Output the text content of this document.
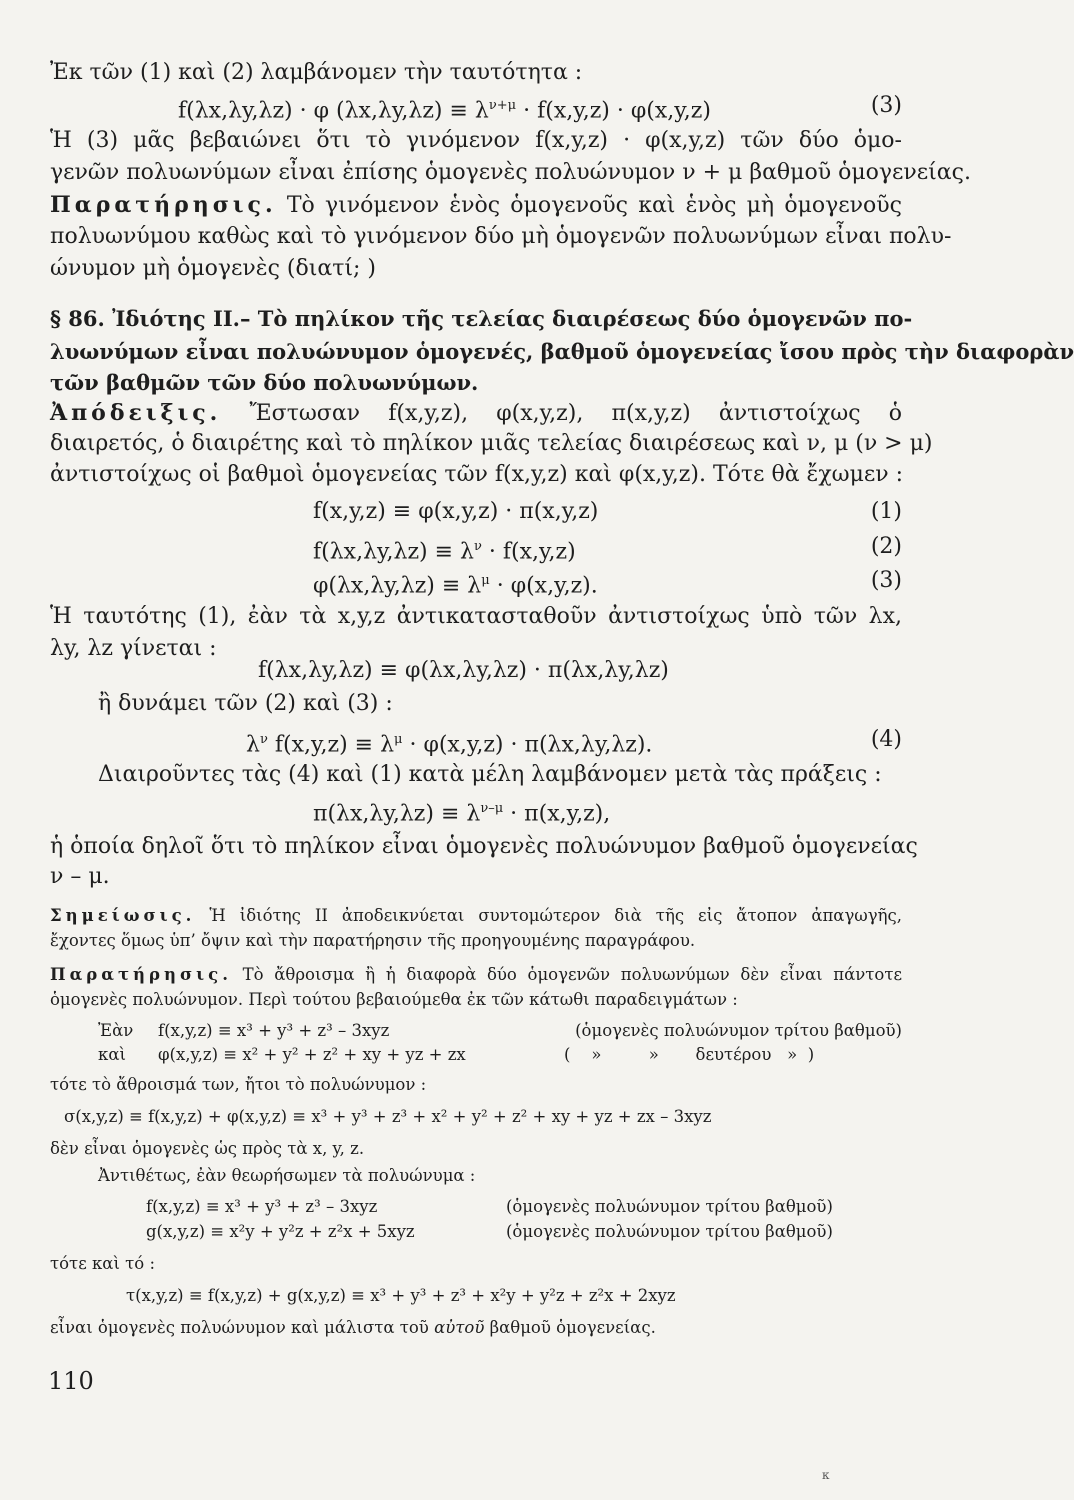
Ἐκ τῶν (1) καὶ (2) λαμβάνομεν τὴν ταυτότητα :
f(λx,λy,λz) · φ $(\lambda x,\lambda y,\lambda z) \equiv \lambda^{\nu+\mu} \cdot f(x,y,z) \cdot \varphi(x,y,z)$	(3)
Ἡ (3) μᾶς βεβαιώνει ὅτι τὸ γινόμενον f(x,y,z) · φ(x,y,z) τῶν δύο ὁμο-
γενῶν πολυωνύμων εἶναι ἐπίσης ὁμογενὲς πολυώνυμον ν + μ βαθμοῦ ὁμογενείας.
Παρατήρησις. Τὸ γινόμενον ἑνὸς ὁμογενοῦς καὶ ἑνὸς μὴ ὁμογενοῦς
πολυωνύμου καθὼς καὶ τὸ γινόμενον δύο μὴ ὁμογενῶν πολυωνύμων εἶναι πολυ-
ώνυμον μὴ ὁμογενὲς (διατί; )
§ 86. Ἰδιότης II.– Τὸ πηλίκον τῆς τελείας διαιρέσεως δύο ὁμογενῶν πο-
λυωνύμων εἶναι πολυώνυμον ὁμογενές, βαθμοῦ ὁμογενείας ἴσου πρὸς τὴν διαφορὰν
τῶν βαθμῶν τῶν δύο πολυωνύμων.
Ἀπόδειξις. Ἔστωσαν f(x,y,z), φ(x,y,z), π(x,y,z) ἀντιστοίχως ὁ
διαιρετός, ὁ διαιρέτης καὶ τὸ πηλίκον μιᾶς τελείας διαιρέσεως καὶ ν, μ (ν > μ)
ἀντιστοίχως οἱ βαθμοὶ ὁμογενείας τῶν f(x,y,z) καὶ φ(x,y,z). Τότε θὰ ἔχωμεν :
f(x,y,z) ≡ φ(x,y,z) · π(x,y,z)	(1)
$f(\lambda x,\lambda y,\lambda z) \equiv \lambda^\nu \cdot f(x,y,z)$	(2)
$\varphi(\lambda x,\lambda y,\lambda z) \equiv \lambda^\mu \cdot \varphi(x,y,z)$.	(3)
Ἡ ταυτότης (1), ἐὰν τὰ x,y,z ἀντικατασταθοῦν ἀντιστοίχως ὑπὸ τῶν λx,
λy, λz γίνεται :
f(λx,λy,λz) ≡ φ(λx,λy,λz) · π(λx,λy,λz)
ἢ δυνάμει τῶν (2) καὶ (3) :
$\lambda^\nu$ $f(x,y,z) \equiv \lambda^\mu \cdot \varphi(x,y,z) \cdot \pi(\lambda x,\lambda y,\lambda z)$.	(4)
Διαιροῦντες τὰς (4) καὶ (1) κατὰ μέλη λαμβάνομεν μετὰ τὰς πράξεις :
$\pi(\lambda x,\lambda y,\lambda z) \equiv \lambda^{\nu-\mu} \cdot \pi(x,y,z)$,
ἡ ὁποία δηλοῖ ὅτι τὸ πηλίκον εἶναι ὁμογενὲς πολυώνυμον βαθμοῦ ὁμογενείας
ν – μ.
Σημείωσις. Ἡ ἰδιότης II ἀποδεικνύεται συντομώτερον διὰ τῆς εἰς ἄτοπον ἀπαγωγῆς,
ἔχοντες ὅμως ὑπ’ ὄψιν καὶ τὴν παρατήρησιν τῆς προηγουμένης παραγράφου.
Παρατήρησις. Τὸ ἄθροισμα ἢ ἡ διαφορὰ δύο ὁμογενῶν πολυωνύμων δὲν εἶναι πάντοτε
ὁμογενὲς πολυώνυμον. Περὶ τούτου βεβαιούμεθα ἐκ τῶν κάτωθι παραδειγμάτων :
Ἐὰν f(x,y,z) ≡ x³ + y³ + z³ – 3xyz	(ὁμογενὲς πολυώνυμον τρίτου βαθμοῦ)
καὶ φ(x,y,z) ≡ x² + y² + z² + xy + yz + zx	(    »         »       δευτέρου   »  )
τότε τὸ ἄθροισμά των, ἤτοι τὸ πολυώνυμον :
σ(x,y,z) ≡ f(x,y,z) + φ(x,y,z) ≡ x³ + y³ + z³ + x² + y² + z² + xy + yz + zx – 3xyz
δὲν εἶναι ὁμογενὲς ὡς πρὸς τὰ x, y, z.
Ἀντιθέτως, ἐὰν θεωρήσωμεν τὰ πολυώνυμα :
f(x,y,z) ≡ x³ + y³ + z³ – 3xyz	(ὁμογενὲς πολυώνυμον τρίτου βαθμοῦ)
g(x,y,z) ≡ x²y + y²z + z²x + 5xyz	(ὁμογενὲς πολυώνυμον τρίτου βαθμοῦ)
τότε καὶ τό :
τ(x,y,z) ≡ f(x,y,z) + g(x,y,z) ≡ x³ + y³ + z³ + x²y + y²z + z²x + 2xyz
εἶναι ὁμογενὲς πολυώνυμον καὶ μάλιστα τοῦ αὐτοῦ βαθμοῦ ὁμογενείας.
110
κ
